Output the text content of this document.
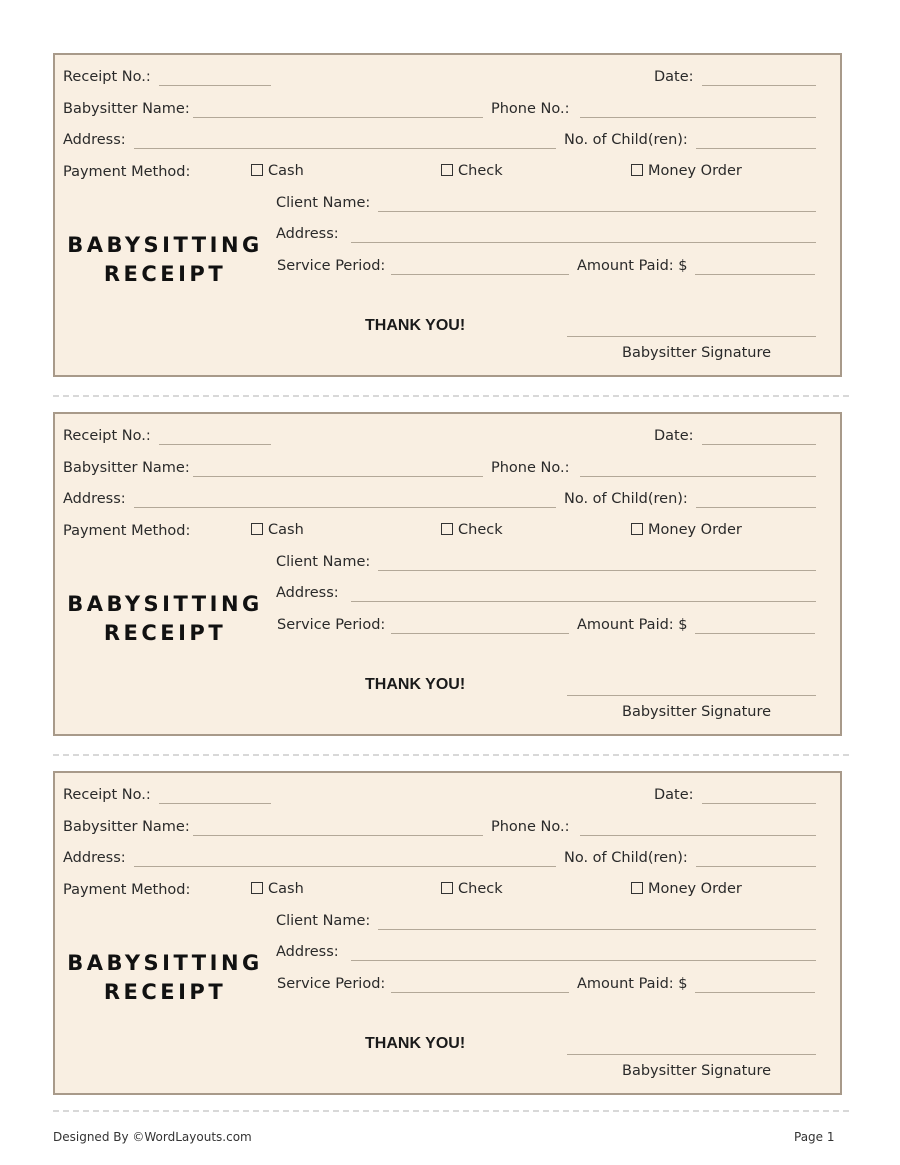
Receipt No.:	Date:
Babysitter Name:	Phone No.:
Address:	No. of Child(ren):
Payment Method:	Cash	Check	Money Order
BABYSITTING
RECEIPT
Client Name:
Address:
Service Period:	Amount Paid: $
THANK YOU!
Babysitter Signature
Receipt No.:	Date:
Babysitter Name:	Phone No.:
Address:	No. of Child(ren):
Payment Method:	Cash	Check	Money Order
BABYSITTING
RECEIPT
Client Name:
Address:
Service Period:	Amount Paid: $
THANK YOU!
Babysitter Signature
Receipt No.:	Date:
Babysitter Name:	Phone No.:
Address:	No. of Child(ren):
Payment Method:	Cash	Check	Money Order
BABYSITTING
RECEIPT
Client Name:
Address:
Service Period:	Amount Paid: $
THANK YOU!
Babysitter Signature
Designed By ©WordLayouts.com	Page 1
